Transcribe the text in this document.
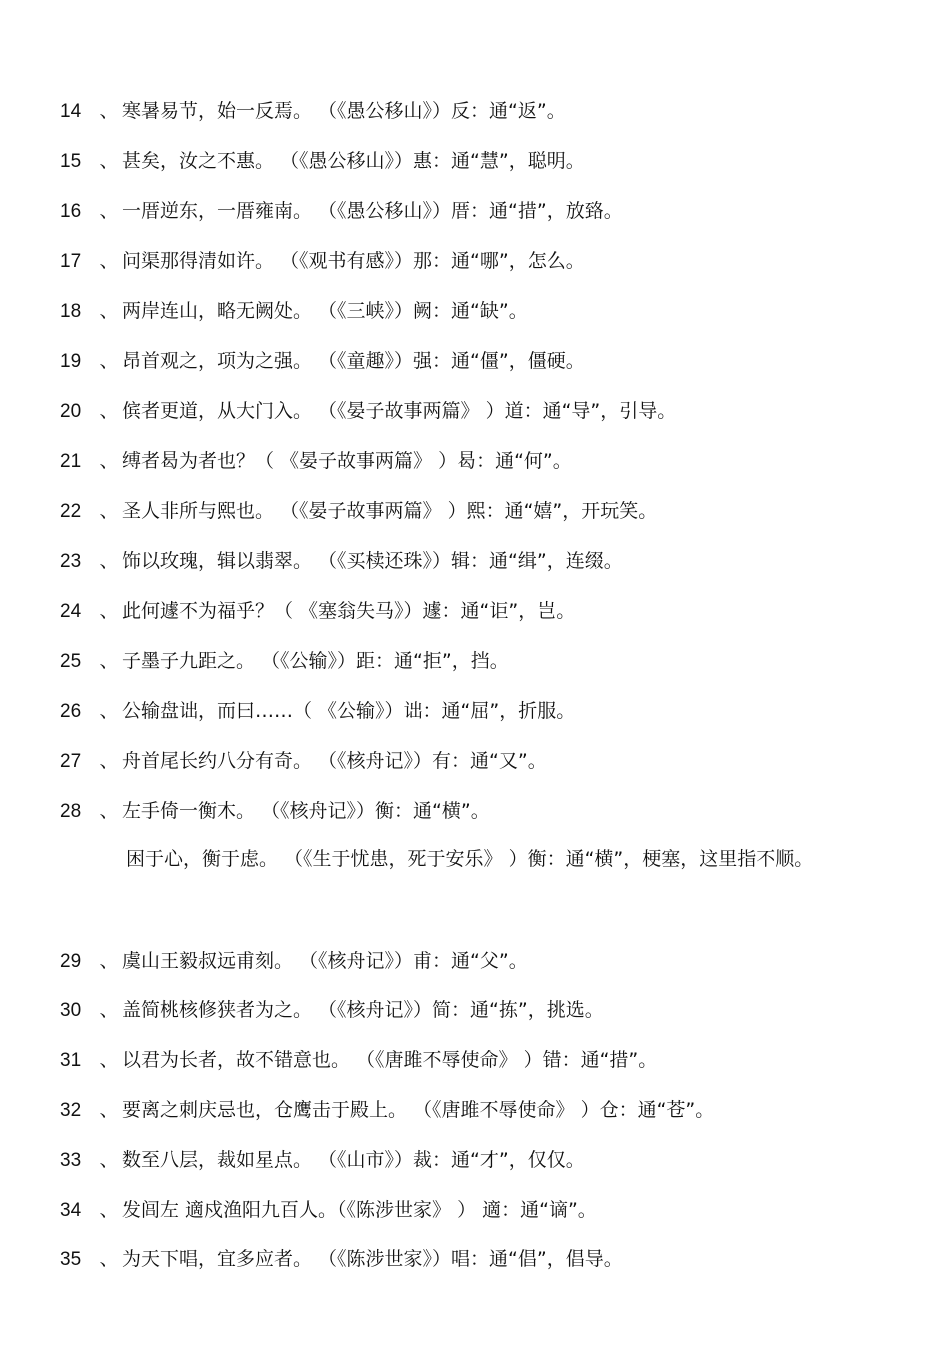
14 、 寒暑易节，始一反焉。 （《愚公移山》）反：通“返”。
15 、 甚矣，汝之不惠。 （《愚公移山》）惠：通“慧”，聪明。
16 、 一厝逆东，一厝雍南。 （《愚公移山》）厝：通“措”，放臵。
17 、 问渠那得清如许。 （《观书有感》）那：通“哪”，怎么。
18 、 两岸连山，略无阙处。 （《三峡》）阙：通“缺”。
19 、 昂首观之，项为之强。 （《童趣》）强：通“僵”，僵硬。
20 、 傧者更道，从大门入。 （《晏子故事两篇》 ）道：通“导”，引导。
21 、 缚者曷为者也？（ 《晏子故事两篇》 ）曷：通“何”。
22 、 圣人非所与熙也。 （《晏子故事两篇》 ）熙：通“嬉”，开玩笑。
23 、 饰以玫瑰，辑以翡翠。 （《买椟还珠》）辑：通“缉”，连缀。
24 、 此何遽不为福乎？（ 《塞翁失马》）遽：通“讵”，岂。
25 、 子墨子九距之。 （《公输》）距：通“拒”，挡。
26 、 公输盘诎，而曰……（ 《公输》）诎：通“屈”，折服。
27 、 舟首尾长约八分有奇。 （《核舟记》）有：通“又”。
28 、 左手倚一衡木。 （《核舟记》）衡：通“横”。
困于心，衡于虑。 （《生于忧患，死于安乐》 ）衡：通“横”，梗塞，这里指不顺。
29 、 虞山王毅叔远甫刻。 （《核舟记》）甫：通“父”。
30 、 盖简桃核修狭者为之。 （《核舟记》）简：通“拣”，挑选。
31 、 以君为长者，故不错意也。 （《唐雎不辱使命》 ）错：通“措”。
32 、 要离之刺庆忌也，仓鹰击于殿上。 （《唐雎不辱使命》 ）仓：通“苍”。
33 、 数至八层，裁如星点。 （《山市》）裁：通“才”，仅仅。
34 、 发闾左 適戍渔阳九百人。（《陈涉世家》 ） 適：通“谪”。
35 、 为天下唱，宜多应者。 （《陈涉世家》）唱：通“倡”，倡导。
